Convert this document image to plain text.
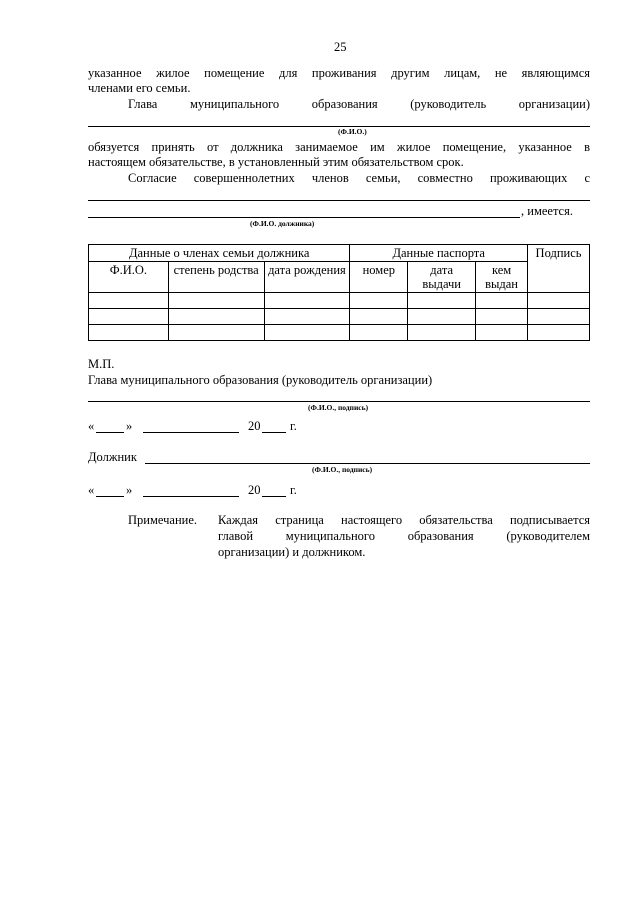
25
указанное жилое помещение для проживания другим лицам, не являющимся
членами его семьи.
Глава муниципального образования (руководитель организации)
(Ф.И.О.)
обязуется принять от должника занимаемое им жилое помещение, указанное в
настоящем обязательстве, в установленный этим обязательством срок.
Согласие совершеннолетних членов семьи, совместно проживающих с
, имеется.
(Ф.И.О. должника)
Данные о членах семьи должника			Данные паспорта			Подпись
Ф.И.О.	степень родства	дата рождения	номер	дата выдачи	кем выдан	

М.П.
Глава муниципального образования (руководитель организации)
(Ф.И.О., подпись)
«	»	20 г.
Должник
(Ф.И.О., подпись)
«	»	20 г.
Примечание. Каждая страница настоящего обязательства подписывается
главой муниципального образования (руководителем
организации) и должником.
